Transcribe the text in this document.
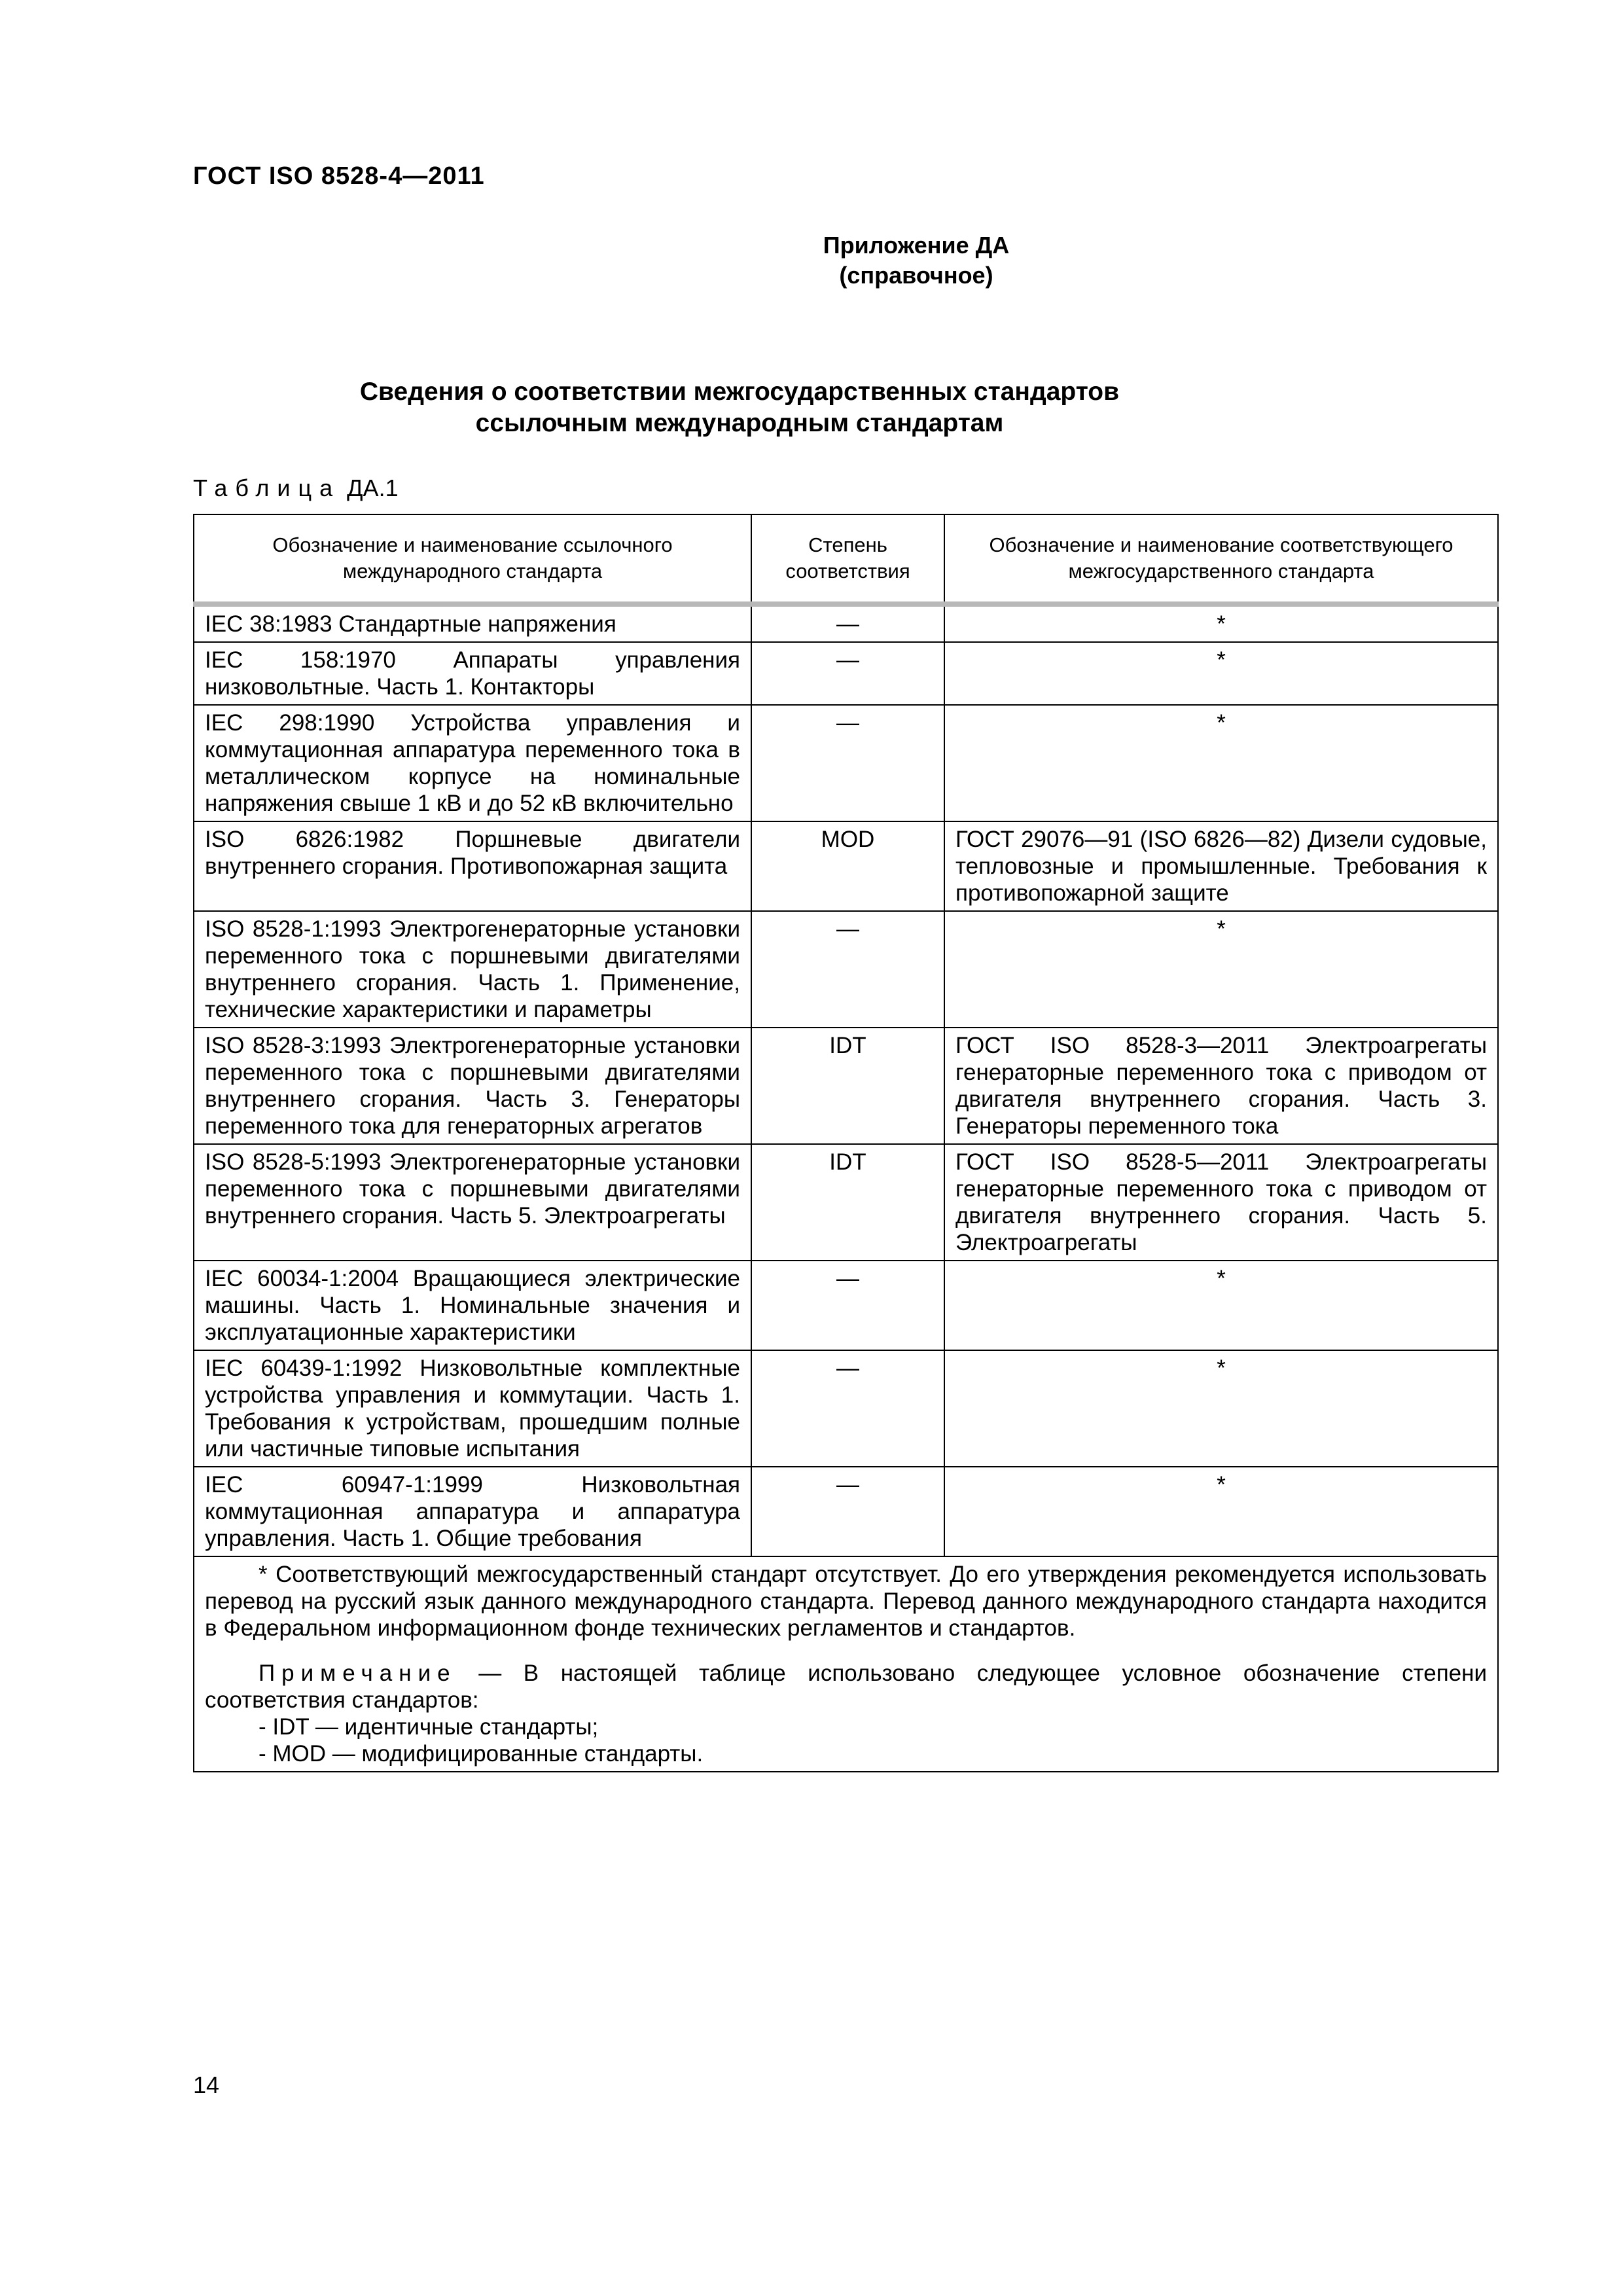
ГОСТ ISO 8528-4—2011
Приложение ДА
(справочное)
Сведения о соответствии межгосударственных стандартов
ссылочным международным стандартам
Таблица ДА.1
Обозначение и наименование ссылочного международного стандарта	Степень соответствия	Обозначение и наименование соответствующего межгосударственного стандарта
IEC 38:1983 Стандартные напряжения	—	*
IEC 158:1970 Аппараты управления низковольтные. Часть 1. Контакторы	—	*
IEC 298:1990 Устройства управления и коммутационная аппаратура переменного тока в металлическом корпусе на номинальные напряжения свыше 1 кВ и до 52 кВ включительно	—	*
ISO 6826:1982 Поршневые двигатели внутреннего сгорания. Противопожарная защита	MOD	ГОСТ 29076—91 (ISO 6826—82) Дизели судовые, тепловозные и промышленные. Требования к противопожарной защите
ISO 8528-1:1993 Электрогенераторные установки переменного тока с поршневыми двигателями внутреннего сгорания. Часть 1. Применение, технические характеристики и параметры	—	*
ISO 8528-3:1993 Электрогенераторные установки переменного тока с поршневыми двигателями внутреннего сгорания. Часть 3. Генераторы переменного тока для генераторных агрегатов	IDT	ГОСТ ISO 8528-3—2011 Электроагрегаты генераторные переменного тока с приводом от двигателя внутреннего сгорания. Часть 3. Генераторы переменного тока
ISO 8528-5:1993 Электрогенераторные установки переменного тока с поршневыми двигателями внутреннего сгорания. Часть 5. Электроагрегаты	IDT	ГОСТ ISO 8528-5—2011 Электроагрегаты генераторные переменного тока с приводом от двигателя внутреннего сгорания. Часть 5. Электроагрегаты
IEC 60034-1:2004 Вращающиеся электрические машины. Часть 1. Номинальные значения и эксплуатационные характеристики	—	*
IEC 60439-1:1992 Низковольтные комплектные устройства управления и коммутации. Часть 1. Требования к устройствам, прошедшим полные или частичные типовые испытания	—	*
IEC 60947-1:1999 Низковольтная коммутационная аппаратура и аппаратура управления. Часть 1. Общие требования	—	*

* Соответствующий межгосударственный стандарт отсутствует. До его утверждения рекомендуется использовать перевод на русский язык данного международного стандарта. Перевод данного международного стандарта находится в Федеральном информационном фонде технических регламентов и стандартов.

Примечание — В настоящей таблице использовано следующее условное обозначение степени соответствия стандартов:

- IDT — идентичные стандарты;

- MOD — модифицированные стандарты.		

14
